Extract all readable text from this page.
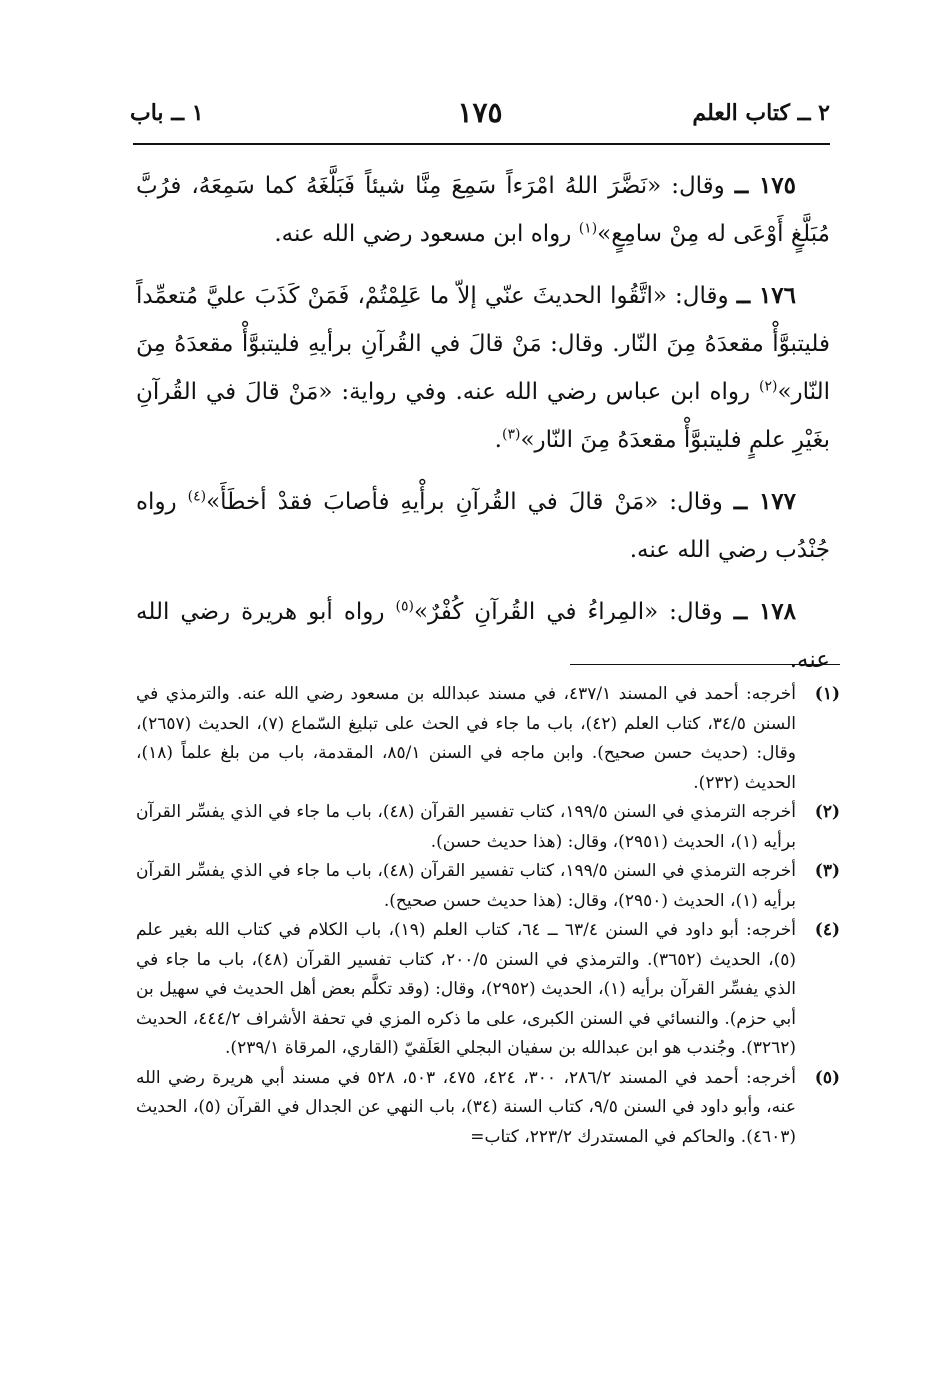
٢ ــ كتاب العلم
١٧٥
١ ــ باب

١٧٥ ــ وقال: «نَضَّرَ اللهُ امْرَءاً سَمِعَ مِنَّا شيئاً فَبَلَّغَهُ كما سَمِعَهُ، فرُبَّ مُبَلَّغٍ أَوْعَى له مِنْ سامِعٍ»$^{(١)}$ رواه ابن مسعود رضي الله عنه.

١٧٦ ــ وقال: «اتَّقُوا الحديثَ عنّي إلاّ ما عَلِمْتُمْ، فَمَنْ كَذَبَ عليَّ مُتعمِّداً فليتبوَّأْ مقعدَهُ مِنَ النّار. وقال: مَنْ قالَ في القُرآنِ برأيهِ فليتبوَّأْ مقعدَهُ مِنَ النّار»$^{(٢)}$ رواه ابن عباس رضي الله عنه. وفي رواية: «مَنْ قالَ في القُرآنِ بغَيْرِ علمٍ فليتبوَّأْ مقعدَهُ مِنَ النّار»$^{(٣)}$.

١٧٧ ــ وقال: «مَنْ قالَ في القُرآنِ برأْيهِ فأصابَ فقدْ أخطَأَ»$^{(٤)}$ رواه جُنْدُب رضي الله عنه.

١٧٨ ــ وقال: «المِراءُ في القُرآنِ كُفْرٌ»$^{(٥)}$ رواه أبو هريرة رضي الله عنه.

(١)
أخرجه: أحمد في المسند ٤٣٧/١، في مسند عبدالله بن مسعود رضي الله عنه. والترمذي في السنن ٣٤/٥، كتاب العلم (٤٢)، باب ما جاء في الحث على تبليغ السّماع (٧)، الحديث (٢٦٥٧)، وقال: (حديث حسن صحيح). وابن ماجه في السنن ٨٥/١، المقدمة، باب من بلغ علماً (١٨)، الحديث (٢٣٢).

(٢)
أخرجه الترمذي في السنن ١٩٩/٥، كتاب تفسير القرآن (٤٨)، باب ما جاء في الذي يفسِّر القرآن برأيه (١)، الحديث (٢٩٥١)، وقال: (هذا حديث حسن).

(٣)
أخرجه الترمذي في السنن ١٩٩/٥، كتاب تفسير القرآن (٤٨)، باب ما جاء في الذي يفسِّر القرآن برأيه (١)، الحديث (٢٩٥٠)، وقال: (هذا حديث حسن صحيح).

(٤)
أخرجه: أبو داود في السنن ٦٣/٤ ــ ٦٤، كتاب العلم (١٩)، باب الكلام في كتاب الله بغير علم (٥)، الحديث (٣٦٥٢). والترمذي في السنن ٢٠٠/٥، كتاب تفسير القرآن (٤٨)، باب ما جاء في الذي يفسِّر القرآن برأيه (١)، الحديث (٢٩٥٢)، وقال: (وقد تكلَّم بعض أهل الحديث في سهيل بن أبي حزم). والنسائي في السنن الكبرى، على ما ذكره المزي في تحفة الأشراف ٤٤٤/٢، الحديث (٣٢٦٢). وجُندب هو ابن عبدالله بن سفيان البجلي العَلَقيّ (القاري، المرقاة ٢٣٩/١).

(٥)
أخرجه: أحمد في المسند ٢٨٦/٢، ٣٠٠، ٤٢٤، ٤٧٥، ٥٠٣، ٥٢٨ في مسند أبي هريرة رضي الله عنه، وأبو داود في السنن ٩/٥، كتاب السنة (٣٤)، باب النهي عن الجدال في القرآن (٥)، الحديث (٤٦٠٣). والحاكم في المستدرك ٢٢٣/٢، كتاب=
